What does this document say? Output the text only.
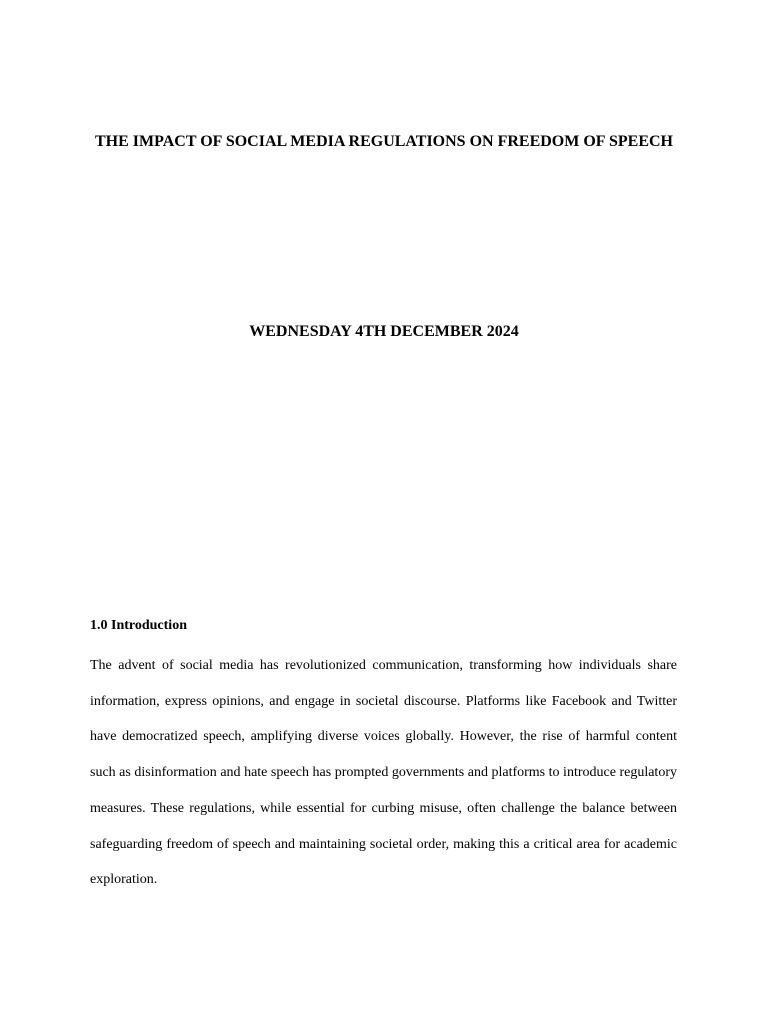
THE IMPACT OF SOCIAL MEDIA REGULATIONS ON FREEDOM OF SPEECH
WEDNESDAY 4TH DECEMBER 2024
1.0 Introduction

The advent of social media has revolutionized communication, transforming how individuals share information, express opinions, and engage in societal discourse. Platforms like Facebook and Twitter have democratized speech, amplifying diverse voices globally. However, the rise of harmful content such as disinformation and hate speech has prompted governments and platforms to introduce regulatory measures. These regulations, while essential for curbing misuse, often challenge the balance between safeguarding freedom of speech and maintaining societal order, making this a critical area for academic exploration.
